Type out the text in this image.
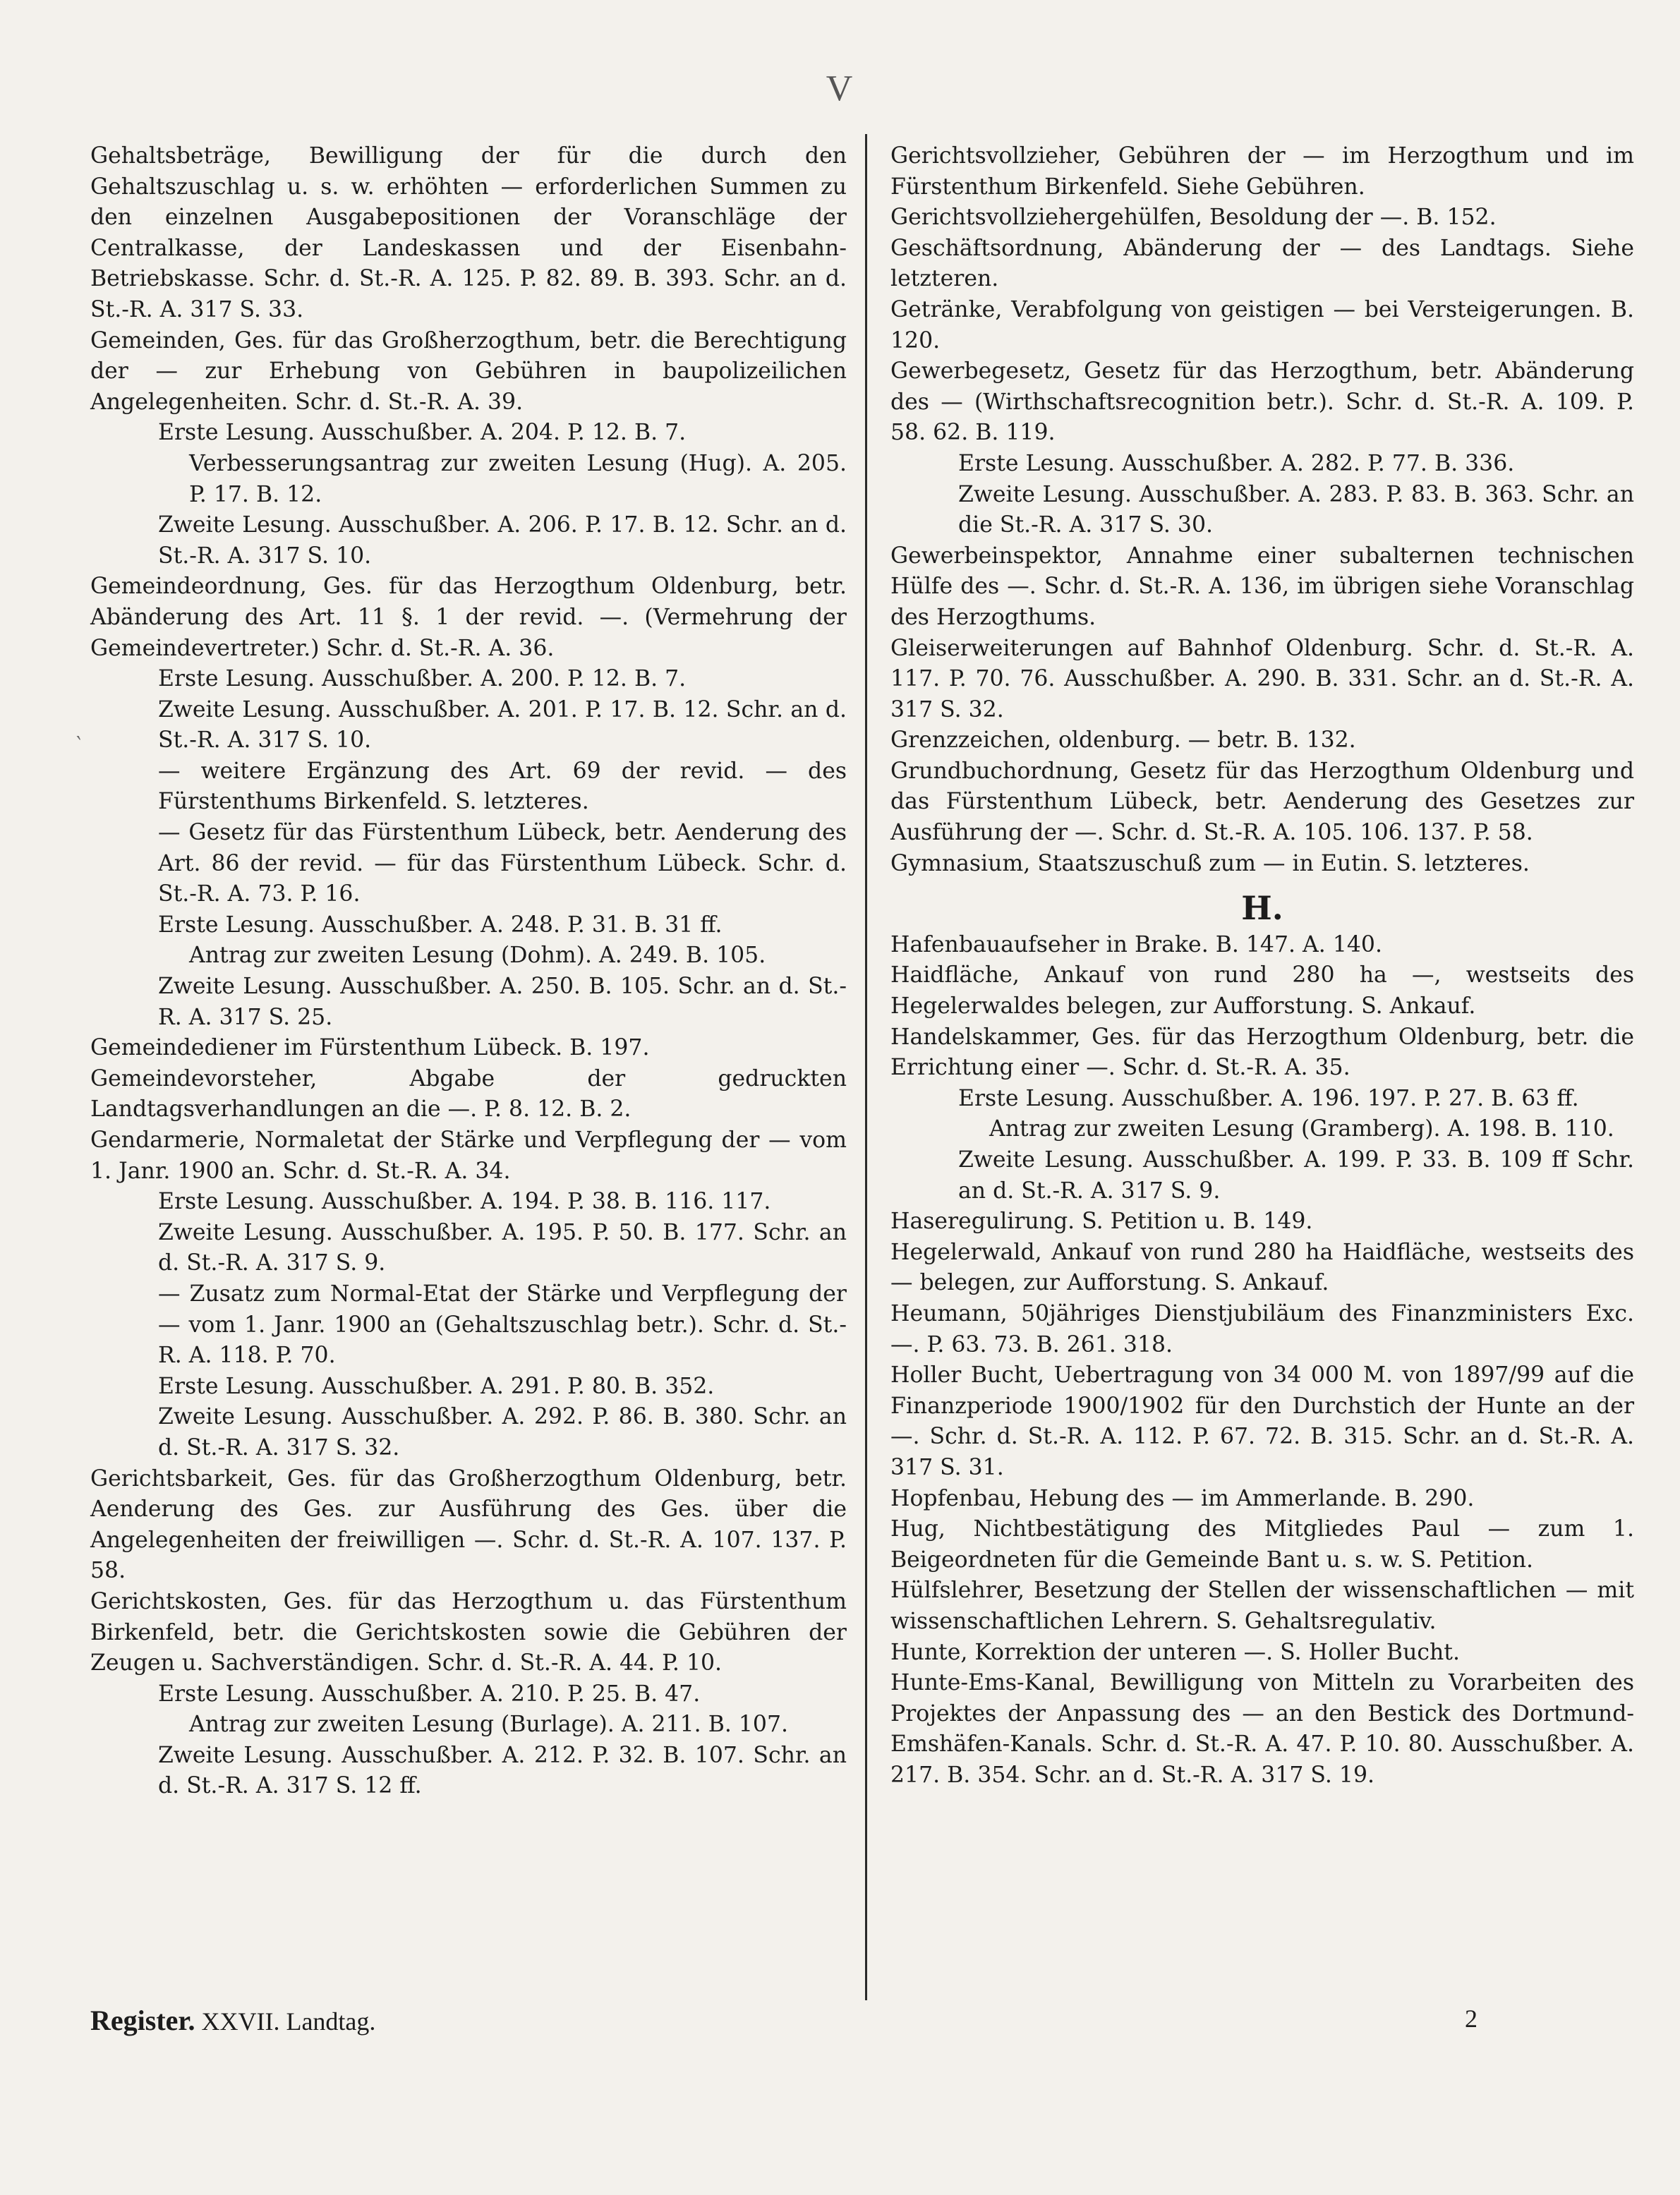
V
‵

Gehaltsbeträge, Bewilligung der für die durch den Gehaltszuschlag u. s. w. erhöhten — erforderlichen Summen zu den einzelnen Ausgabepositionen der Voranschläge der Centralkasse, der Landeskassen und der Eisenbahn-Betriebskasse. Schr. d. St.-R. A. 125. P. 82. 89. B. 393. Schr. an d. St.-R. A. 317 S. 33.

Gemeinden, Ges. für das Großherzogthum, betr. die Berechtigung der — zur Erhebung von Gebühren in baupolizeilichen Angelegenheiten. Schr. d. St.-R. A. 39.

Erste Lesung. Ausschußber. A. 204. P. 12. B. 7.

Verbesserungsantrag zur zweiten Lesung (Hug). A. 205. P. 17. B. 12.

Zweite Lesung. Ausschußber. A. 206. P. 17. B. 12. Schr. an d. St.-R. A. 317 S. 10.

Gemeindeordnung, Ges. für das Herzogthum Oldenburg, betr. Abänderung des Art. 11 §. 1 der revid. —. (Vermehrung der Gemeindevertreter.) Schr. d. St.-R. A. 36.

Erste Lesung. Ausschußber. A. 200. P. 12. B. 7.

Zweite Lesung. Ausschußber. A. 201. P. 17. B. 12. Schr. an d. St.-R. A. 317 S. 10.

— weitere Ergänzung des Art. 69 der revid. — des Fürstenthums Birkenfeld. S. letzteres.

— Gesetz für das Fürstenthum Lübeck, betr. Aenderung des Art. 86 der revid. — für das Fürstenthum Lübeck. Schr. d. St.-R. A. 73. P. 16.

Erste Lesung. Ausschußber. A. 248. P. 31. B. 31 ff.

Antrag zur zweiten Lesung (Dohm). A. 249. B. 105.

Zweite Lesung. Ausschußber. A. 250. B. 105. Schr. an d. St.-R. A. 317 S. 25.

Gemeindediener im Fürstenthum Lübeck. B. 197.

Gemeindevorsteher, Abgabe der gedruckten Landtagsverhandlungen an die —. P. 8. 12. B. 2.

Gendarmerie, Normaletat der Stärke und Verpflegung der — vom 1. Janr. 1900 an. Schr. d. St.-R. A. 34.

Erste Lesung. Ausschußber. A. 194. P. 38. B. 116. 117.

Zweite Lesung. Ausschußber. A. 195. P. 50. B. 177. Schr. an d. St.-R. A. 317 S. 9.

— Zusatz zum Normal-Etat der Stärke und Verpflegung der — vom 1. Janr. 1900 an (Gehaltszuschlag betr.). Schr. d. St.-R. A. 118. P. 70.

Erste Lesung. Ausschußber. A. 291. P. 80. B. 352.

Zweite Lesung. Ausschußber. A. 292. P. 86. B. 380. Schr. an d. St.-R. A. 317 S. 32.

Gerichtsbarkeit, Ges. für das Großherzogthum Oldenburg, betr. Aenderung des Ges. zur Ausführung des Ges. über die Angelegenheiten der freiwilligen —. Schr. d. St.-R. A. 107. 137. P. 58.

Gerichtskosten, Ges. für das Herzogthum u. das Fürstenthum Birkenfeld, betr. die Gerichtskosten sowie die Gebühren der Zeugen u. Sachverständigen. Schr. d. St.-R. A. 44. P. 10.

Erste Lesung. Ausschußber. A. 210. P. 25. B. 47.

Antrag zur zweiten Lesung (Burlage). A. 211. B. 107.

Zweite Lesung. Ausschußber. A. 212. P. 32. B. 107. Schr. an d. St.-R. A. 317 S. 12 ff.

Gerichtsvollzieher, Gebühren der — im Herzogthum und im Fürstenthum Birkenfeld. Siehe Gebühren.

Gerichtsvollziehergehülfen, Besoldung der —. B. 152.

Geschäftsordnung, Abänderung der — des Landtags. Siehe letzteren.

Getränke, Verabfolgung von geistigen — bei Versteigerungen. B. 120.

Gewerbegesetz, Gesetz für das Herzogthum, betr. Abänderung des — (Wirthschaftsrecognition betr.). Schr. d. St.-R. A. 109. P. 58. 62. B. 119.

Erste Lesung. Ausschußber. A. 282. P. 77. B. 336.

Zweite Lesung. Ausschußber. A. 283. P. 83. B. 363. Schr. an die St.-R. A. 317 S. 30.

Gewerbeinspektor, Annahme einer subalternen technischen Hülfe des —. Schr. d. St.-R. A. 136, im übrigen siehe Voranschlag des Herzogthums.

Gleiserweiterungen auf Bahnhof Oldenburg. Schr. d. St.-R. A. 117. P. 70. 76. Ausschußber. A. 290. B. 331. Schr. an d. St.-R. A. 317 S. 32.

Grenzzeichen, oldenburg. — betr. B. 132.

Grundbuchordnung, Gesetz für das Herzogthum Oldenburg und das Fürstenthum Lübeck, betr. Aenderung des Gesetzes zur Ausführung der —. Schr. d. St.-R. A. 105. 106. 137. P. 58.

Gymnasium, Staatszuschuß zum — in Eutin. S. letzteres.

H.

Hafenbauaufseher in Brake. B. 147. A. 140.

Haidfläche, Ankauf von rund 280 ha —, westseits des Hegelerwaldes belegen, zur Aufforstung. S. Ankauf.

Handelskammer, Ges. für das Herzogthum Oldenburg, betr. die Errichtung einer —. Schr. d. St.-R. A. 35.

Erste Lesung. Ausschußber. A. 196. 197. P. 27. B. 63 ff.

Antrag zur zweiten Lesung (Gramberg). A. 198. B. 110.

Zweite Lesung. Ausschußber. A. 199. P. 33. B. 109 ff Schr. an d. St.-R. A. 317 S. 9.

Haseregulirung. S. Petition u. B. 149.

Hegelerwald, Ankauf von rund 280 ha Haidfläche, westseits des — belegen, zur Aufforstung. S. Ankauf.

Heumann, 50jähriges Dienstjubiläum des Finanzministers Exc. —. P. 63. 73. B. 261. 318.

Holler Bucht, Uebertragung von 34 000 M. von 1897/99 auf die Finanzperiode 1900/1902 für den Durchstich der Hunte an der —. Schr. d. St.-R. A. 112. P. 67. 72. B. 315. Schr. an d. St.-R. A. 317 S. 31.

Hopfenbau, Hebung des — im Ammerlande. B. 290.

Hug, Nichtbestätigung des Mitgliedes Paul — zum 1. Beigeordneten für die Gemeinde Bant u. s. w. S. Petition.

Hülfslehrer, Besetzung der Stellen der wissenschaftlichen — mit wissenschaftlichen Lehrern. S. Gehaltsregulativ.

Hunte, Korrektion der unteren —. S. Holler Bucht.

Hunte-Ems-Kanal, Bewilligung von Mitteln zu Vorarbeiten des Projektes der Anpassung des — an den Bestick des Dortmund-Emshäfen-Kanals. Schr. d. St.-R. A. 47. P. 10. 80. Ausschußber. A. 217. B. 354. Schr. an d. St.-R. A. 317 S. 19.

Register. XXVII. Landtag.	2
